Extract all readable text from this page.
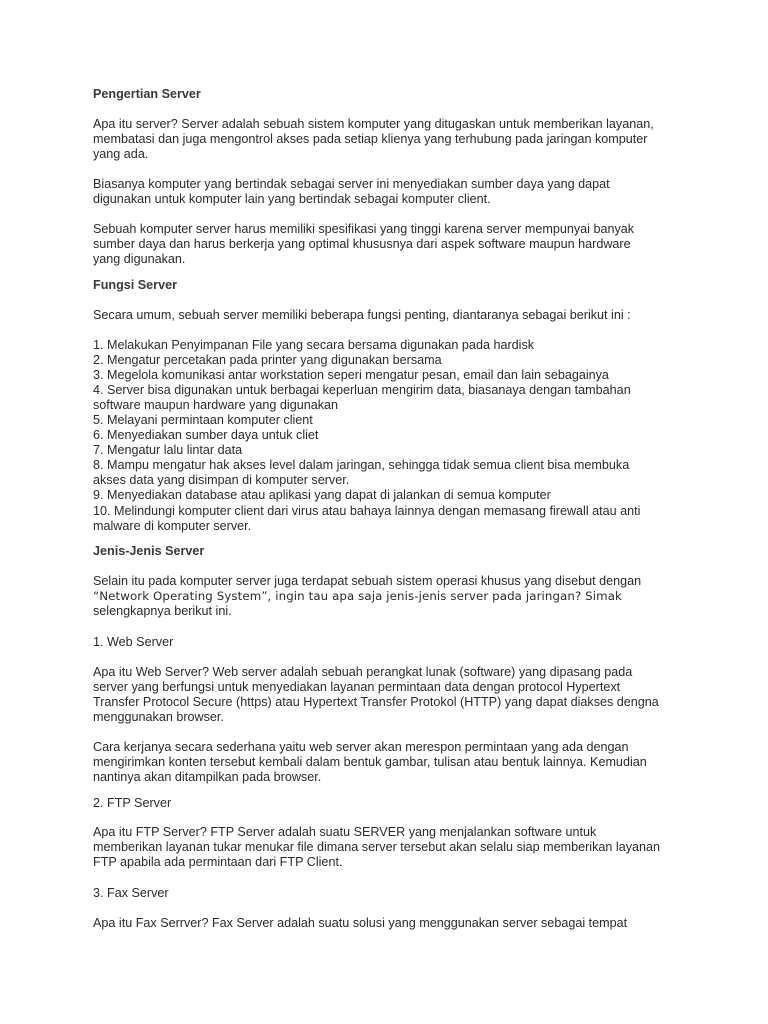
Pengertian Server

Apa itu server? Server adalah sebuah sistem komputer yang ditugaskan untuk memberikan layanan,

membatasi dan juga mengontrol akses pada setiap klienya yang terhubung pada jaringan komputer

yang ada.

Biasanya komputer yang bertindak sebagai server ini menyediakan sumber daya yang dapat

digunakan untuk komputer lain yang bertindak sebagai komputer client.

Sebuah komputer server harus memiliki spesifikasi yang tinggi karena server mempunyai banyak

sumber daya dan harus berkerja yang optimal khususnya dari aspek software maupun hardware

yang digunakan.

Fungsi Server

Secara umum, sebuah server memiliki beberapa fungsi penting, diantaranya sebagai berikut ini :

1. Melakukan Penyimpanan File yang secara bersama digunakan pada hardisk

2. Mengatur percetakan pada printer yang digunakan bersama

3. Megelola komunikasi antar workstation seperi mengatur pesan, email dan lain sebagainya

4. Server bisa digunakan untuk berbagai keperluan mengirim data, biasanaya dengan tambahan

software maupun hardware yang digunakan

5. Melayani permintaan komputer client

6. Menyediakan sumber daya untuk cliet

7. Mengatur lalu lintar data

8. Mampu mengatur hak akses level dalam jaringan, sehingga tidak semua client bisa membuka

akses data yang disimpan di komputer server.

9. Menyediakan database atau aplikasi yang dapat di jalankan di semua komputer

10. Melindungi komputer client dari virus atau bahaya lainnya dengan memasang firewall atau anti

malware di komputer server.

Jenis-Jenis Server

Selain itu pada komputer server juga terdapat sebuah sistem operasi khusus yang disebut dengan

“Network Operating System”, ingin tau apa saja jenis-jenis server pada jaringan? Simak

selengkapnya berikut ini.

1. Web Server

Apa itu Web Server? Web server adalah sebuah perangkat lunak (software) yang dipasang pada

server yang berfungsi untuk menyediakan layanan permintaan data dengan protocol Hypertext

Transfer Protocol Secure (https) atau Hypertext Transfer Protokol (HTTP) yang dapat diakses dengna

menggunakan browser.

Cara kerjanya secara sederhana yaitu web server akan merespon permintaan yang ada dengan

mengirimkan konten tersebut kembali dalam bentuk gambar, tulisan atau bentuk lainnya. Kemudian

nantinya akan ditampilkan pada browser.

2. FTP Server

Apa itu FTP Server? FTP Server adalah suatu SERVER yang menjalankan software untuk

memberikan layanan tukar menukar file dimana server tersebut akan selalu siap memberikan layanan

FTP apabila ada permintaan dari FTP Client.

3. Fax Server

Apa itu Fax Serrver? Fax Server adalah suatu solusi yang menggunakan server sebagai tempat
